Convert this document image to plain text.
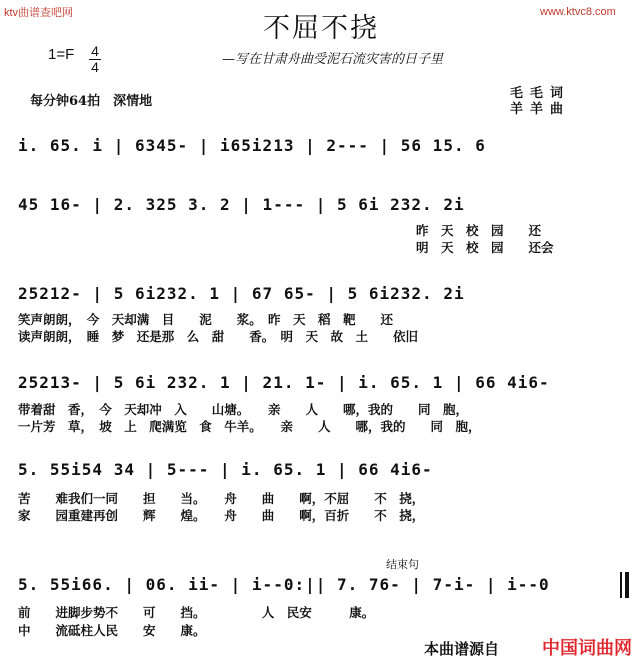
ktv曲谱查吧网	www.ktvc8.com
不屈不挠
1=F 4
4	—写在甘肃舟曲受泥石流灾害的日子里
每分钟64拍　深情地
毛毛词
羊羊曲
i. 65. i | 6345- | i65i213 | 2--- | 56 15. 6
45 16- | 2. 325 3. 2 | 1--- | 5 6i 232. 2i
昨　天　校　园　　还
明　天　校　园　　还会
25212- | 5 6i232. 1 | 67 65- | 5 6i232. 2i
笑声朗朗，　今　天却满　目　　泥　　浆。　昨　天　稻　靶　　还
读声朗朗，　睡　梦　还是那　么　甜　　香。　明　天　故　土　　依旧
25213- | 5 6i 232. 1 | 21. 1- | i. 65. 1 | 66 4i6-
带着甜　香，　今　天却冲　入　　山塘。　　亲　　人　　哪，我的　　同　胞，
一片芳　草，　坡　上　爬满览　食　牛羊。　　亲　　人　　哪，我的　　同　胞，
5. 55i54 34 | 5--- | i. 65. 1 | 66 4i6-
苦　　难我们一同　　担　　当。　　舟　　曲　　啊，不屈　　不　挠，
家　　园重建再创　　辉　　煌。　　舟　　曲　　啊，百折　　不　挠，
结束句
5. 55i66. | 06. ii- | i--0:|| 7. 76- | 7-i- | i--0
前　　进脚步势不　　可　　挡。　　　　　人　民安　　　康。
中　　流砥柱人民　　安　　康。
本曲谱源自 中国词曲网
